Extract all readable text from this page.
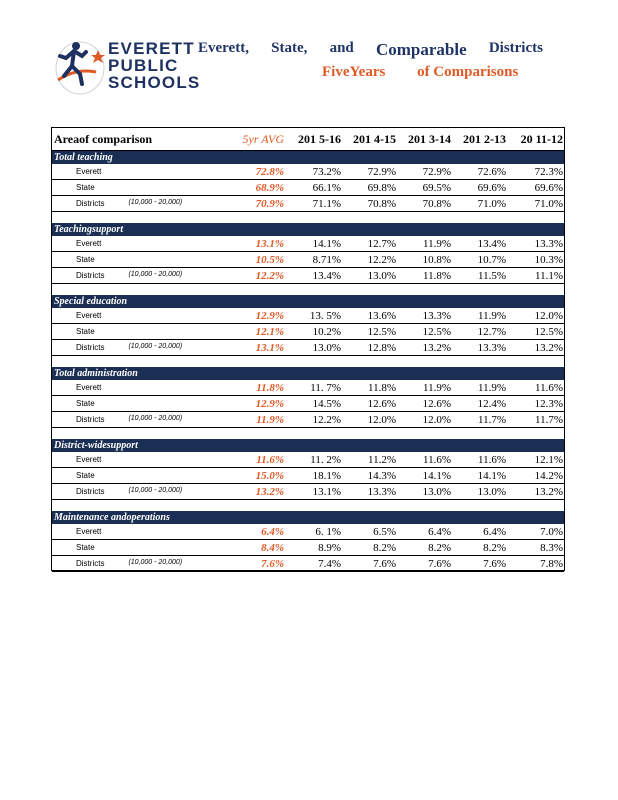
EVERETT
PUBLIC
SCHOOLS
Everett, State, and Comparable Districts
FiveYears of Comparisons
Areaof comparison	5yr AVG	201 5-16	201 4-15	201 3-14	201 2-13	20 11-12
Total teaching
Everett	72.8%	73.2%	72.9%	72.9%	72.6%	72.3%
State	68.9%	66.1%	69.8%	69.5%	69.6%	69.6%
Districts	(10,000 - 20,000)	70.9%	71.1%	70.8%	70.8%	71.0%	71.0%
Teachingsupport
Everett	13.1%	14.1%	12.7%	11.9%	13.4%	13.3%
State	10.5%	8.71%	12.2%	10.8%	10.7%	10.3%
Districts	(10,000 - 20,000)	12.2%	13.4%	13.0%	11.8%	11.5%	11.1%
Special education
Everett	12.9%	13. 5%	13.6%	13.3%	11.9%	12.0%
State	12.1%	10.2%	12.5%	12.5%	12.7%	12.5%
Districts	(10,000 - 20,000)	13.1%	13.0%	12.8%	13.2%	13.3%	13.2%
Total administration
Everett	11.8%	11. 7%	11.8%	11.9%	11.9%	11.6%
State	12.9%	14.5%	12.6%	12.6%	12.4%	12.3%
Districts	(10,000 - 20,000)	11.9%	12.2%	12.0%	12.0%	11.7%	11.7%
District-widesupport
Everett	11.6%	11. 2%	11.2%	11.6%	11.6%	12.1%
State	15.0%	18.1%	14.3%	14.1%	14.1%	14.2%
Districts	(10,000 - 20,000)	13.2%	13.1%	13.3%	13.0%	13.0%	13.2%
Maintenance andoperations
Everett	6.4%	6. 1%	6.5%	6.4%	6.4%	7.0%
State	8.4%	8.9%	8.2%	8.2%	8.2%	8.3%
Districts	(10,000 - 20,000)	7.6%	7.4%	7.6%	7.6%	7.6%	7.8%
